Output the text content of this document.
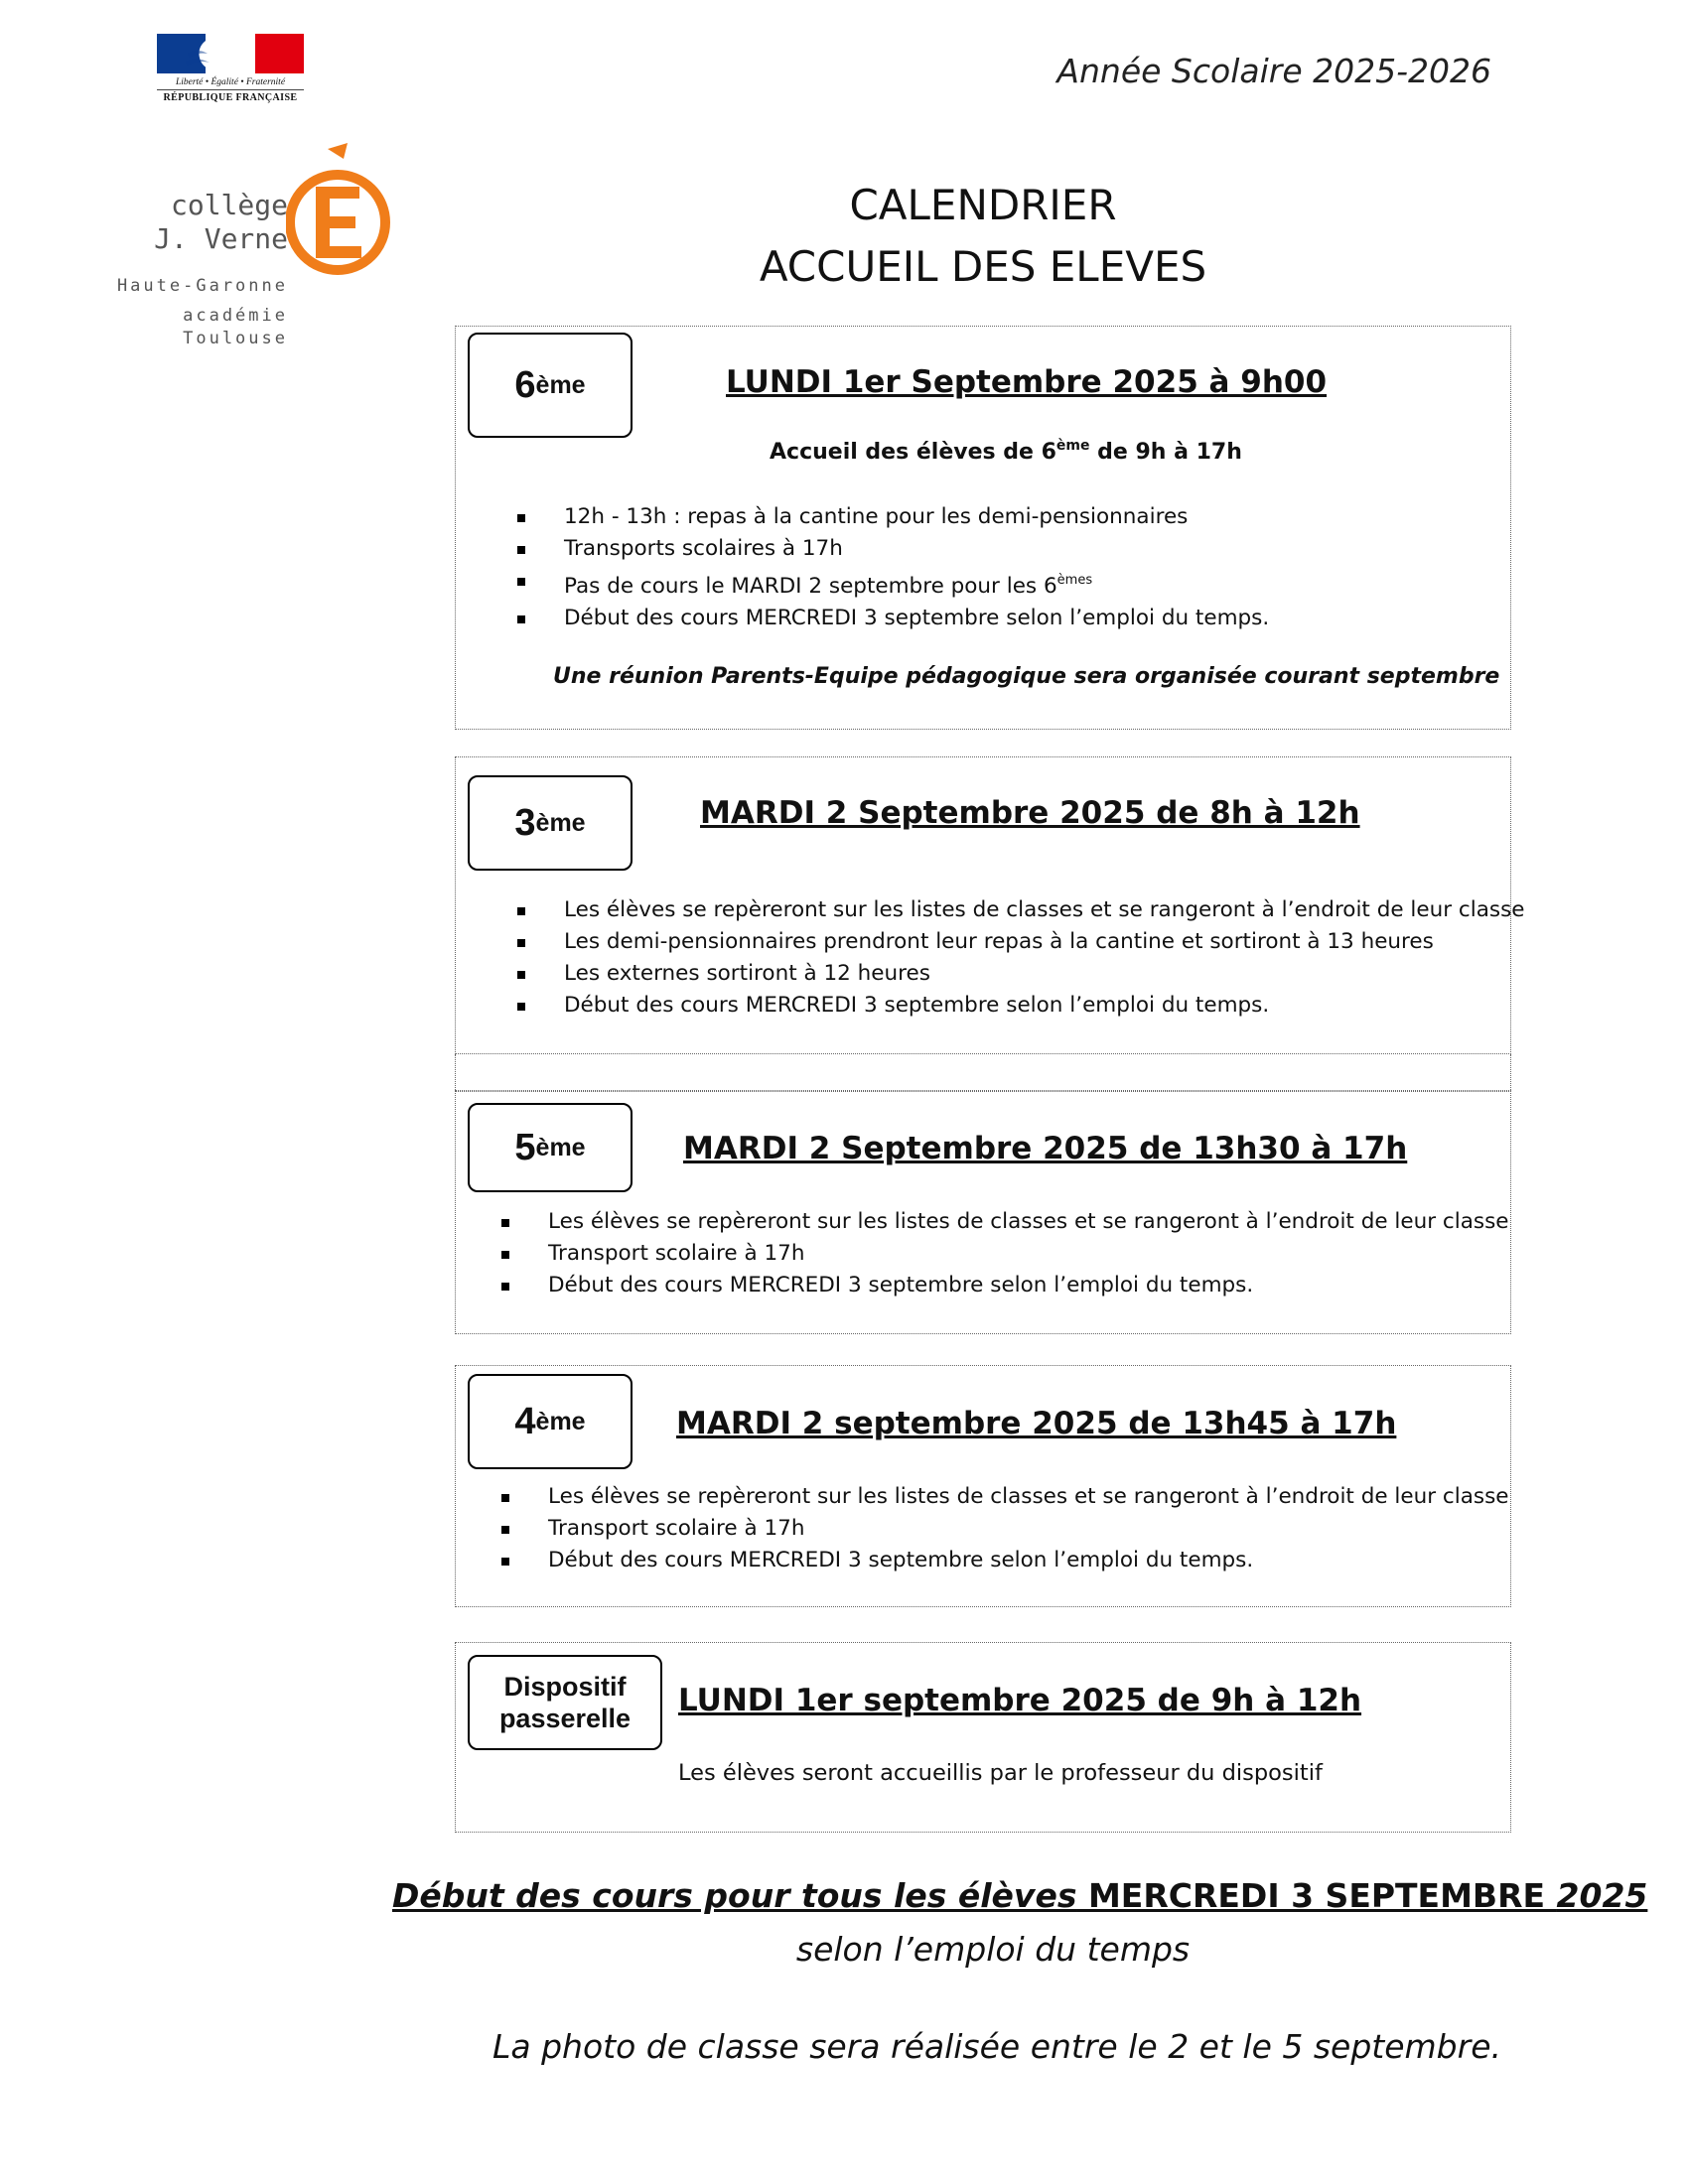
Liberté • Égalité • Fraternité
RÉPUBLIQUE FRANÇAISE
Année Scolaire 2025-2026
collège
J. Verne
Haute-Garonne
académie
Toulouse
CALENDRIER
ACCUEIL DES ELEVES
6 ème	LUNDI 1er Septembre 2025 à 9h00
Accueil des élèves de 6ème de 9h à 17h
12h - 13h : repas à la cantine pour les demi-pensionnaires
Transports scolaires à 17h
Pas de cours le MARDI 2 septembre pour les 6èmes
Début des cours MERCREDI 3 septembre selon l’emploi du temps.
Une réunion Parents-Equipe pédagogique sera organisée courant septembre
3 ème	MARDI 2 Septembre 2025 de 8h à 12h
Les élèves se repèreront sur les listes de classes et se rangeront à l’endroit de leur classe
Les demi-pensionnaires prendront leur repas à la cantine et sortiront à 13 heures
Les externes sortiront à 12 heures
Début des cours MERCREDI 3 septembre selon l’emploi du temps.
5 ème	MARDI 2 Septembre 2025 de 13h30 à 17h
Les élèves se repèreront sur les listes de classes et se rangeront à l’endroit de leur classe
Transport scolaire à 17h
Début des cours MERCREDI 3 septembre selon l’emploi du temps.
4 ème	MARDI 2 septembre 2025 de 13h45 à 17h
Les élèves se repèreront sur les listes de classes et se rangeront à l’endroit de leur classe
Transport scolaire à 17h
Début des cours MERCREDI 3 septembre selon l’emploi du temps.
Dispositif
passerelle LUNDI 1er septembre 2025 de 9h à 12h
Les élèves seront accueillis par le professeur du dispositif
Début des cours pour tous les élèves MERCREDI 3 SEPTEMBRE 2025
selon l’emploi du temps
La photo de classe sera réalisée entre le 2 et le 5 septembre.
